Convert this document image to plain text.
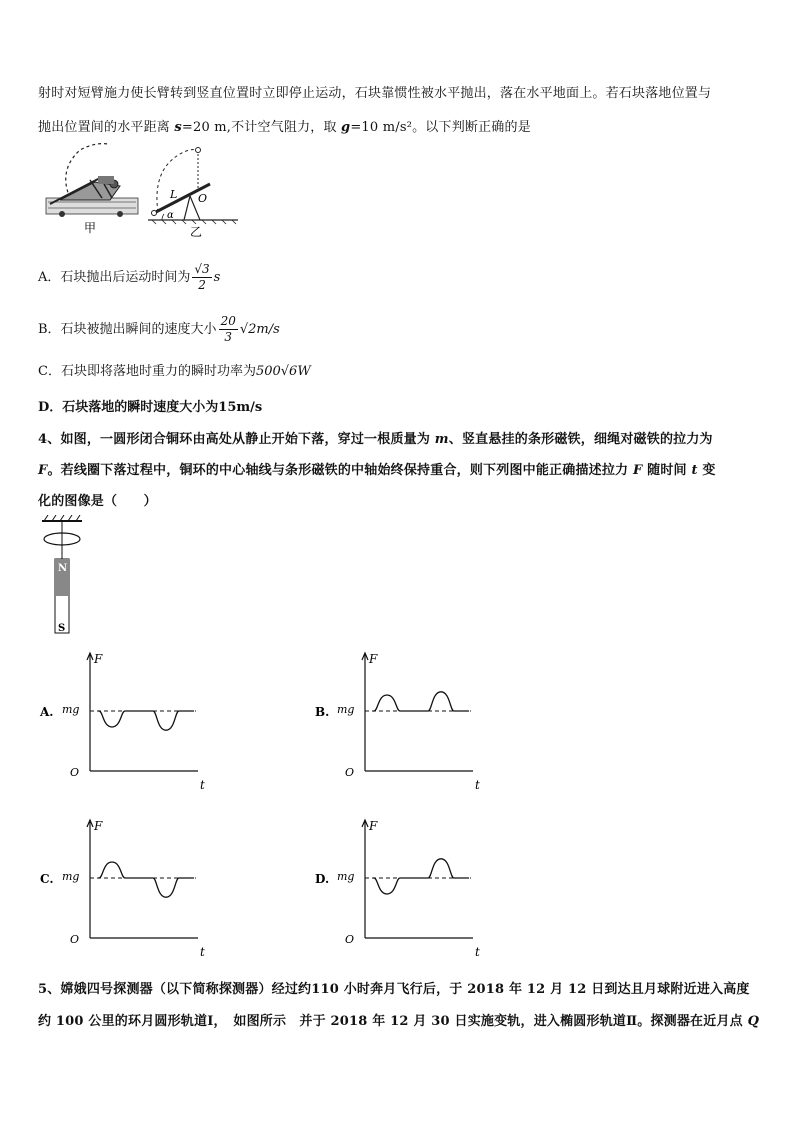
射时对短臂施力使长臂转到竖直位置时立即停止运动，石块靠惯性被水平抛出，落在水平地面上。若石块落地位置与
抛出位置间的水平距离 s=20 m,不计空气阻力，取 g=10 m/s²。以下判断正确的是
甲
L O
α
乙
A．石块抛出后运动时间为 $\frac{√3}{2}$ s
B．石块被抛出瞬间的速度大小 $\frac{20}{3} √2m/s$
C．石块即将落地时重力的瞬时功率为500√6W
D．石块落地的瞬时速度大小为15m/s
4、如图，一圆形闭合铜环由高处从静止开始下落，穿过一根质量为 m、竖直悬挂的条形磁铁，细绳对磁铁的拉力为
F。若线圈下落过程中，铜环的中心轴线与条形磁铁的中轴始终保持重合，则下列图中能正确描述拉力 F 随时间 t 变
化的图像是（　　）
N
S
A.
F
t
O
mg	B.
F
t
O
mg
C.
F
t
O
mg	D.
F
t
O
mg
5、嫦娥四号探测器（以下简称探测器）经过约110 小时奔月飞行后，于 2018 年 12 月 12 日到达且月球附近进入高度
约 100 公里的环月圆形轨道Ⅰ，　如图所示　并于 2018 年 12 月 30 日实施变轨，进入椭圆形轨道Ⅱ。探测器在近月点 Q
